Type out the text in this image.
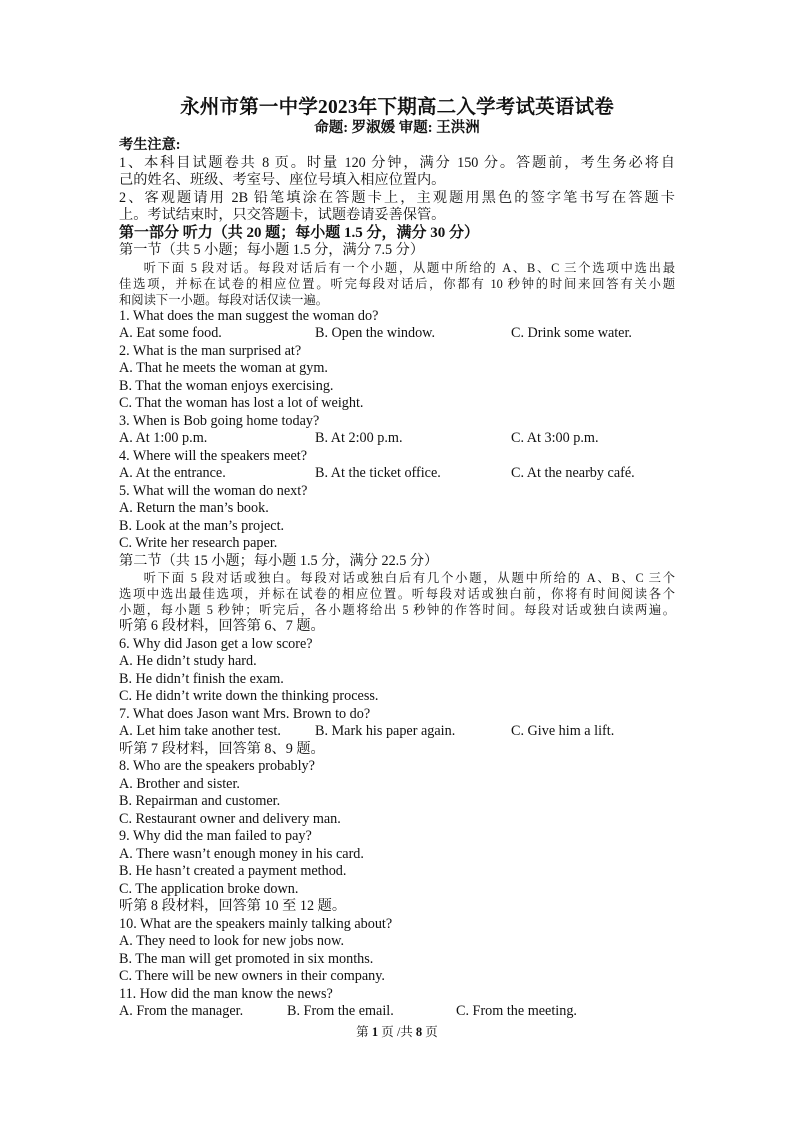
永州市第一中学2023年下期高二入学考试英语试卷
命题: 罗淑媛 审题: 王洪洲
考生注意:
1、本科目试题卷共 8 页。时量 120 分钟，满分 150 分。答题前，考生务必将自
己的姓名、班级、考室号、座位号填入相应位置内。
2、客观题请用 2B 铅笔填涂在答题卡上，主观题用黑色的签字笔书写在答题卡
上。考试结束时，只交答题卡，试题卷请妥善保管。
第一部分 听力（共 20 题；每小题 1.5 分，满分 30 分）
第一节（共 5 小题；每小题 1.5 分，满分 7.5 分）
听下面 5 段对话。每段对话后有一个小题，从题中所给的 A、B、C 三个选项中选出最
佳选项，并标在试卷的相应位置。听完每段对话后，你都有 10 秒钟的时间来回答有关小题
和阅读下一小题。每段对话仅读一遍。
1. What does the man suggest the woman do?
A. Eat some food.	B. Open the window.	C. Drink some water.
2. What is the man surprised at?
A. That he meets the woman at gym.
B. That the woman enjoys exercising.
C. That the woman has lost a lot of weight.
3. When is Bob going home today?
A. At 1:00 p.m.	B. At 2:00 p.m.	C. At 3:00 p.m.
4. Where will the speakers meet?
A. At the entrance.	B. At the ticket office.	C. At the nearby café.
5. What will the woman do next?
A. Return the man’s book.
B. Look at the man’s project.
C. Write her research paper.
第二节（共 15 小题；每小题 1.5 分，满分 22.5 分）
听下面 5 段对话或独白。每段对话或独白后有几个小题，从题中所给的 A、B、C 三个
选项中选出最佳选项，并标在试卷的相应位置。听每段对话或独白前，你将有时间阅读各个
小题，每小题 5 秒钟；听完后，各小题将给出 5 秒钟的作答时间。每段对话或独白读两遍。
听第 6 段材料，回答第 6、7 题。
6. Why did Jason get a low score?
A. He didn’t study hard.
B. He didn’t finish the exam.
C. He didn’t write down the thinking process.
7. What does Jason want Mrs. Brown to do?
A. Let him take another test.	B. Mark his paper again.	C. Give him a lift.
听第 7 段材料，回答第 8、9 题。
8. Who are the speakers probably?
A. Brother and sister.
B. Repairman and customer.
C. Restaurant owner and delivery man.
9. Why did the man failed to pay?
A. There wasn’t enough money in his card.
B. He hasn’t created a payment method.
C. The application broke down.
听第 8 段材料，回答第 10 至 12 题。
10. What are the speakers mainly talking about?
A. They need to look for new jobs now.
B. The man will get promoted in six months.
C. There will be new owners in their company.
11. How did the man know the news?
A. From the manager.	B. From the email.	C. From the meeting.
第 1 页 /共 8 页
